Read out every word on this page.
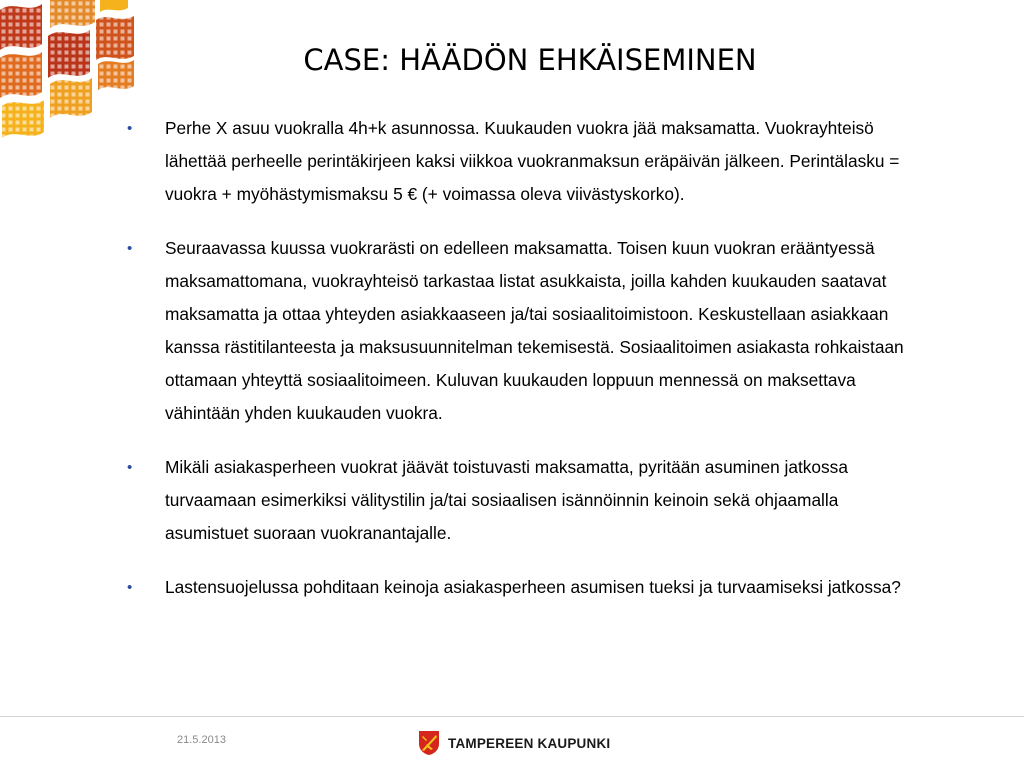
CASE: HÄÄDÖN EHKÄISEMINEN
• Perhe X asuu vuokralla 4h+k asunnossa. Kuukauden vuokra jää maksamatta. Vuokrayhteisö lähettää perheelle perintäkirjeen kaksi viikkoa vuokranmaksun eräpäivän jälkeen. Perintälasku = vuokra + myöhästymismaksu 5 € (+ voimassa oleva viivästyskorko).
• Seuraavassa kuussa vuokrarästi on edelleen maksamatta. Toisen kuun vuokran erääntyessä maksamattomana, vuokrayhteisö tarkastaa listat asukkaista, joilla kahden kuukauden saatavat maksamatta ja ottaa yhteyden asiakkaaseen ja/tai sosiaalitoimistoon. Keskustellaan asiakkaan kanssa rästitilanteesta ja maksusuunnitelman tekemisestä. Sosiaalitoimen asiakasta rohkaistaan ottamaan yhteyttä sosiaalitoimeen. Kuluvan kuukauden loppuun mennessä on maksettava vähintään yhden kuukauden vuokra.
• Mikäli asiakasperheen vuokrat jäävät toistuvasti maksamatta, pyritään asuminen jatkossa turvaamaan esimerkiksi välitystilin ja/tai sosiaalisen isännöinnin keinoin sekä ohjaamalla asumistuet suoraan vuokranantajalle.
• Lastensuojelussa pohditaan keinoja asiakasperheen asumisen tueksi ja turvaamiseksi jatkossa?
21.5.2013	TAMPEREEN KAUPUNKI
